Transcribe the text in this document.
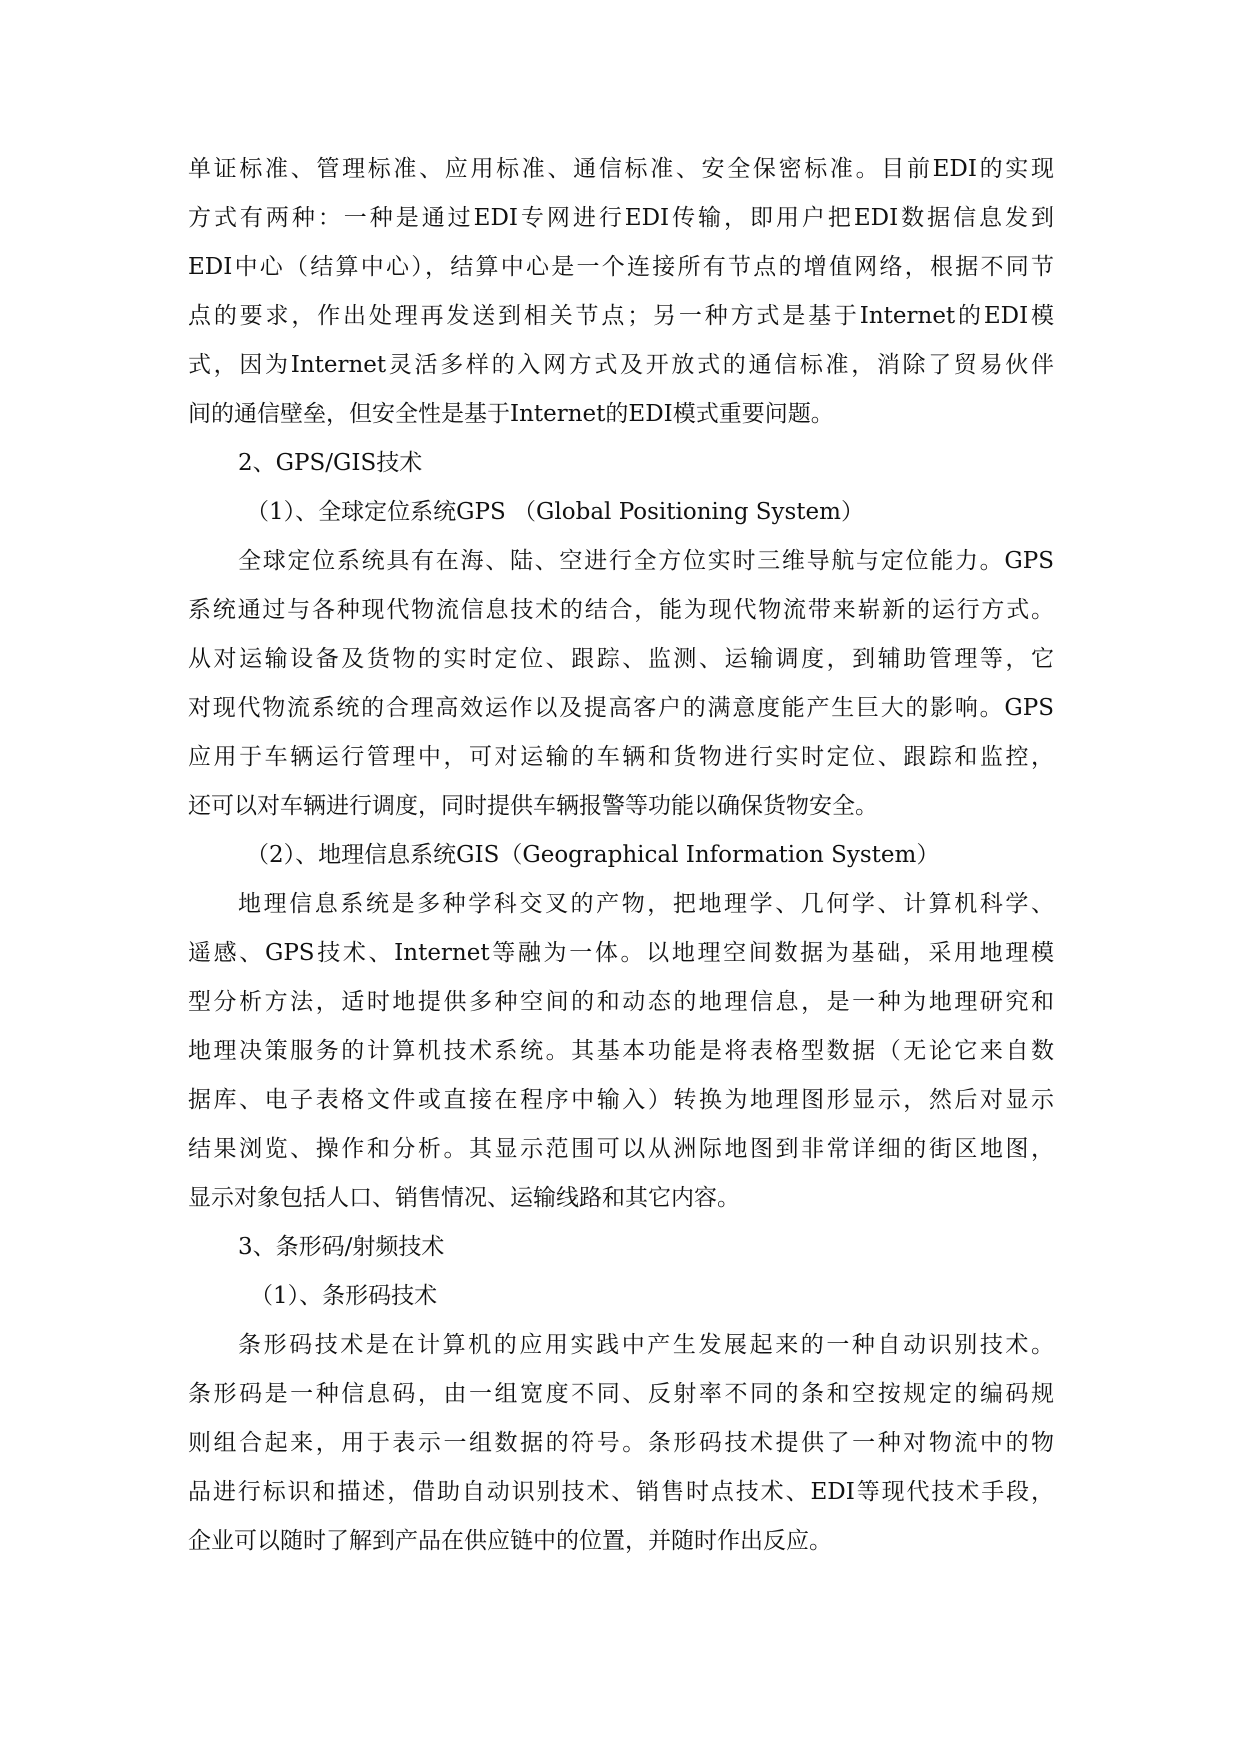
单证标准、管理标准、应用标准、通信标准、安全保密标准。目前EDI的实现
方式有两种：一种是通过EDI专网进行EDI传输，即用户把EDI数据信息发到
EDI中心（结算中心），结算中心是一个连接所有节点的增值网络，根据不同节
点的要求，作出处理再发送到相关节点；另一种方式是基于Internet的EDI模
式，因为Internet灵活多样的入网方式及开放式的通信标准，消除了贸易伙伴
间的通信壁垒，但安全性是基于Internet的EDI模式重要问题。
2、GPS/GIS技术
（1）、全球定位系统GPS （Global Positioning System）
全球定位系统具有在海、陆、空进行全方位实时三维导航与定位能力。GPS
系统通过与各种现代物流信息技术的结合，能为现代物流带来崭新的运行方式。
从对运输设备及货物的实时定位、跟踪、监测、运输调度，到辅助管理等，它
对现代物流系统的合理高效运作以及提高客户的满意度能产生巨大的影响。GPS
应用于车辆运行管理中，可对运输的车辆和货物进行实时定位、跟踪和监控，
还可以对车辆进行调度，同时提供车辆报警等功能以确保货物安全。
（2）、地理信息系统GIS（Geographical Information System）
地理信息系统是多种学科交叉的产物，把地理学、几何学、计算机科学、
遥感、GPS技术、Internet等融为一体。以地理空间数据为基础，采用地理模
型分析方法，适时地提供多种空间的和动态的地理信息，是一种为地理研究和
地理决策服务的计算机技术系统。其基本功能是将表格型数据（无论它来自数
据库、电子表格文件或直接在程序中输入）转换为地理图形显示，然后对显示
结果浏览、操作和分析。其显示范围可以从洲际地图到非常详细的街区地图，
显示对象包括人口、销售情况、运输线路和其它内容。
3、条形码/射频技术
（1）、条形码技术
条形码技术是在计算机的应用实践中产生发展起来的一种自动识别技术。
条形码是一种信息码，由一组宽度不同、反射率不同的条和空按规定的编码规
则组合起来，用于表示一组数据的符号。条形码技术提供了一种对物流中的物
品进行标识和描述，借助自动识别技术、销售时点技术、EDI等现代技术手段，
企业可以随时了解到产品在供应链中的位置，并随时作出反应。
